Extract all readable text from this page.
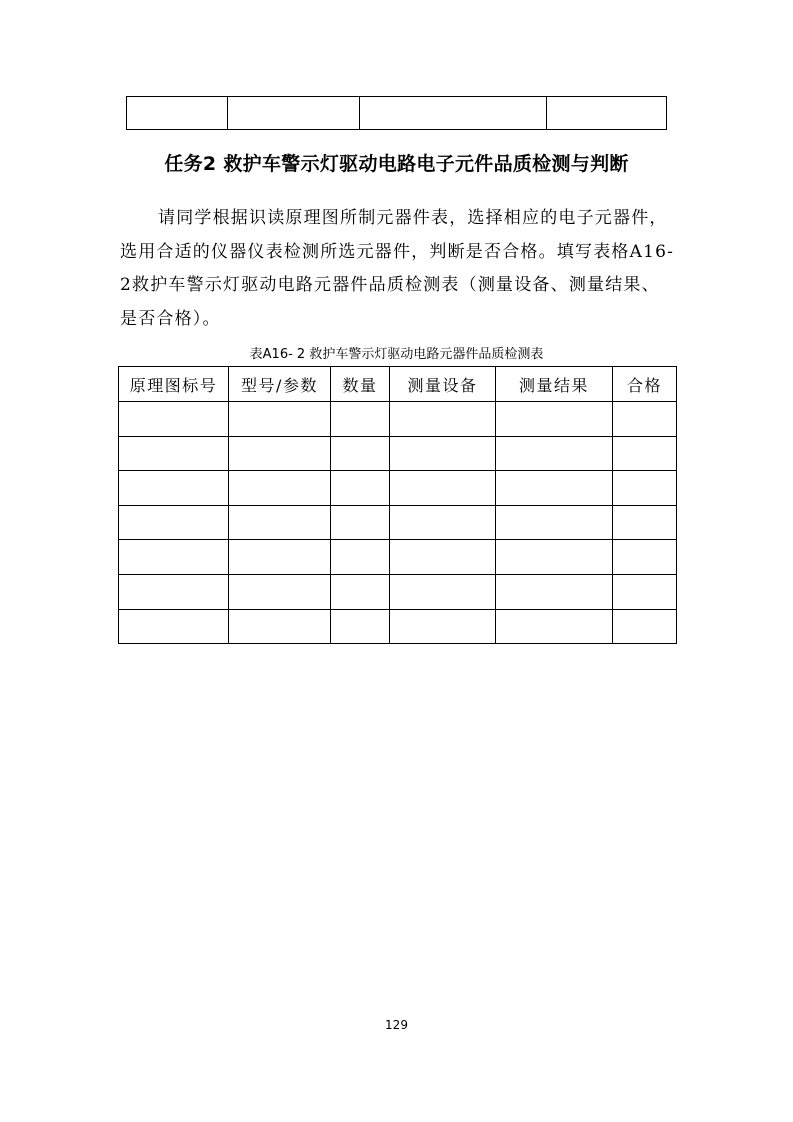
任务2 救护车警示灯驱动电路电子元件品质检测与判断

请同学根据识读原理图所制元器件表，选择相应的电子元器件，选用合适的仪器仪表检测所选元器件，判断是否合格。填写表格A16-2救护车警示灯驱动电路元器件品质检测表（测量设备、测量结果、是否合格）。

表A16- 2 救护车警示灯驱动电路元器件品质检测表
原理图标号	型号/参数	数量	测量设备	测量结果	合格

129
